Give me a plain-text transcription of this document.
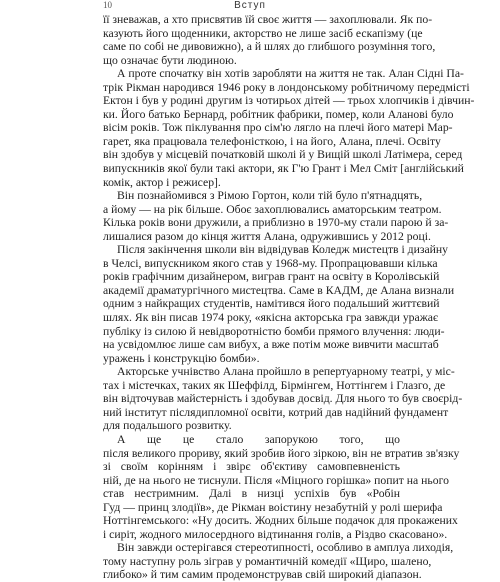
10	Вступ
її зневажав, а хто присвятив їй своє життя — захоплювали. Як по-
казують його щоденники, акторство не лише засіб ескапізму (це
саме по собі не дивовижно), а й шлях до глибшого розуміння того,
що означає бути людиною.
А проте спочатку він хотів заробляти на життя не так. Алан Сідні Па-
трік Рікман народився 1946 року в лондонському робітничому передмісті
Ектон і був у родині другим із чотирьох дітей — трьох хлопчиків і дівчин-
ки. Його батько Бернард, робітник фабрики, помер, коли Аланові було
вісім років. Тож піклування про сім'ю лягло на плечі його матері Мар-
гарет, яка працювала телефоністкою, і на його, Алана, плечі. Освіту
він здобув у місцевій початковій школі й у Вищій школі Латімера, серед
випускників якої були такі актори, як Г'ю Грант і Мел Сміт [англійський
комік, актор і режисер].
Він познайомився з Рімою Гортон, коли тій було п'ятнадцять,
а йому — на рік більше. Обоє захоплювались аматорським театром.
Кілька років вони дружили, а приблизно в 1970-му стали парою й за-
лишалися разом до кінця життя Алана, одружившись у 2012 році.
Після закінчення школи він відвідував Коледж мистецтв і дизайну
в Челсі, випускником якого став у 1968-му. Пропрацювавши кілька
років графічним дизайнером, виграв грант на освіту в Королівській
академії драматургічного мистецтва. Саме в КАДМ, де Алана визнали
одним з найкращих студентів, намітився його подальший життєвий
шлях. Як він писав 1974 року, «якісна акторська гра завжди уражає
публіку із силою й невідворотністю бомби прямого влучення: люди-
на усвідомлює лише сам вибух, а вже потім може вивчити масштаб
уражень і конструкцію бомби».
Акторське учнівство Алана пройшло в репертуарному театрі, у міс-
тах і містечках, таких як Шеффілд, Бірмінгем, Ноттінгем і Глазго, де
він відточував майстерність і здобував досвід. Для нього то був своєрід-
ний інститут післядипломної освіти, котрий дав надійний фундамент
для подальшого розвитку.
А ще це стало запорукою того, що
після великого прориву, який зробив його зіркою, він не втратив зв'язку
зі своїм корінням і звірє об'єктиву самовпевненість
ній, де на нього не тиснули. Після «Міцного горішка» попит на нього
став нестримним. Далі в низці успіхів був «Робін
Гуд — принц злодіїв», де Рікман воістину незабутній у ролі шерифа
Ноттінгемського: «Ну досить. Жодних більше подачок для прокажених
і сиріт, жодного милосердного відтинання голів, а Різдво скасовано».
Він завжди остерігався стереотипності, особливо в амплуа лиходія,
тому наступну роль зіграв у романтичній комедії «Щиро, шалено,
глибоко» й тим самим продемонстрував свій широкий діапазон.
